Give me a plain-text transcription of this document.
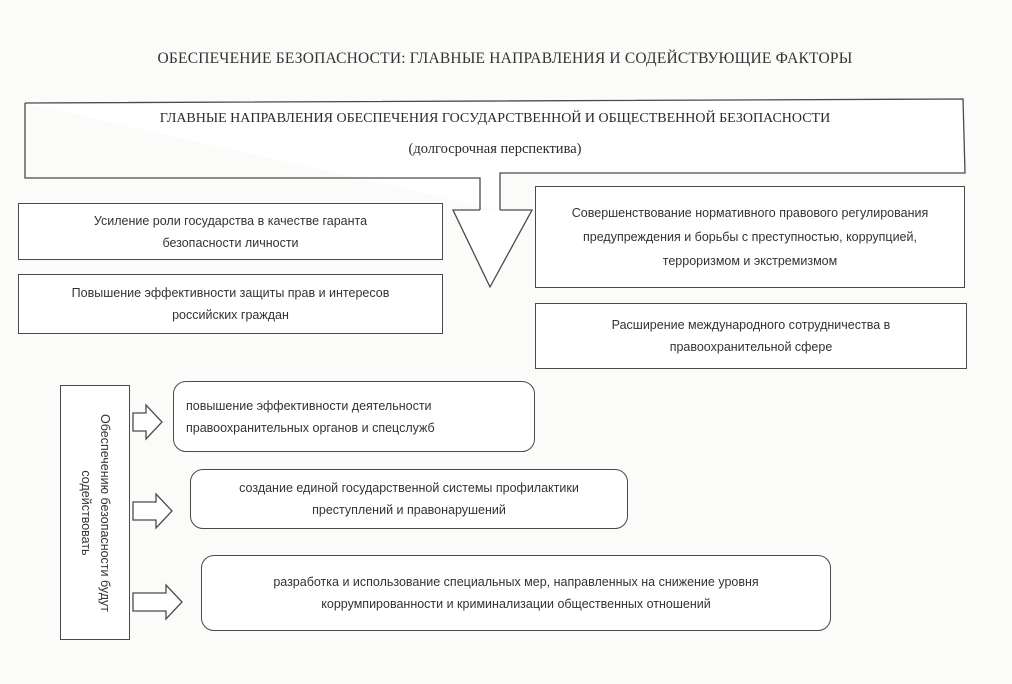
ОБЕСПЕЧЕНИЕ БЕЗОПАСНОСТИ: ГЛАВНЫЕ НАПРАВЛЕНИЯ И СОДЕЙСТВУЮЩИЕ ФАКТОРЫ
ГЛАВНЫЕ НАПРАВЛЕНИЯ ОБЕСПЕЧЕНИЯ ГОСУДАРСТВЕННОЙ И ОБЩЕСТВЕННОЙ БЕЗОПАСНОСТИ
(долгосрочная перспектива)
Усиление роли государства в качестве гаранта безопасности личности
Повышение эффективности защиты прав и интересов российских граждан
Совершенствование нормативного правового регулирования предупреждения и борьбы с преступностью, коррупцией, терроризмом и экстремизмом
Расширение международного сотрудничества в правоохранительной сфере
Обеспечению безопасности будут содействовать
повышение эффективности деятельности правоохранительных органов и спецслужб
создание единой государственной системы профилактики преступлений и правонарушений
разработка и использование специальных мер, направленных на снижение уровня коррумпированности и криминализации общественных отношений
